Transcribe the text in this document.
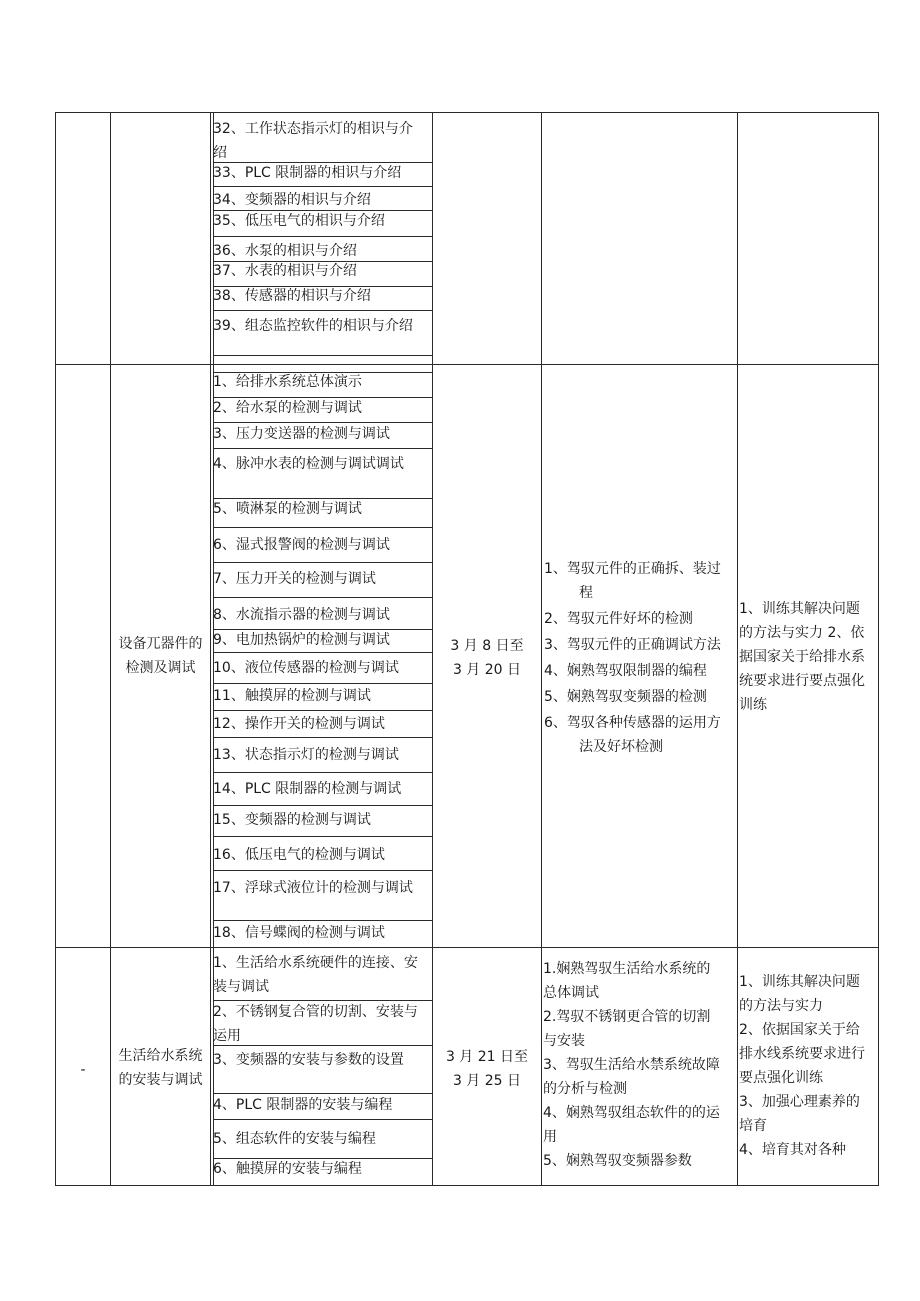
32、工作状态指示灯的相识与介
绍
33、PLC 限制器的相识与介绍
34、变频器的相识与介绍
35、低压电气的相识与介绍
36、水泵的相识与介绍
37、水表的相识与介绍
38、传感器的相识与介绍
39、组态监控软件的相识与介绍
设备兀器件的
检测及调试
3 月 8 日至
3 月 20 日
1、给排水系统总体演示
2、给水泵的检测与调试
3、压力变送器的检测与调试
4、脉冲水表的检测与调试调试
5、喷淋泵的检测与调试
6、湿式报警阀的检测与调试
7、压力开关的检测与调试
8、水流指示器的检测与调试
9、电加热锅炉的检测与调试
10、液位传感器的检测与调试
11、触摸屏的检测与调试
12、操作开关的检测与调试
13、状态指示灯的检测与调试
14、PLC 限制器的检测与调试
15、变频器的检测与调试
16、低压电气的检测与调试
17、浮球式液位计的检测与调试
18、信号蝶阀的检测与调试
1、驾驭元件的正确拆、装过
程
2、驾驭元件好坏的检测
3、驾驭元件的正确调试方法
4、娴熟驾驭限制器的编程
5、娴熟驾驭变频器的检测
6、驾驭各种传感器的运用方
法及好坏检测
1、训练其解决问题
的方法与实力 2、依
据国家关于给排水系
统要求进行要点强化
训练
-
生活给水系统
的安装与调试
3 月 21 日至
3 月 25 日
1、生活给水系统硬件的连接、安
装与调试
2、不锈钢复合管的切割、安装与
运用
3、变频器的安装与参数的设置
4、PLC 限制器的安装与编程
5、组态软件的安装与编程
6、触摸屏的安装与编程
1.娴熟驾驭生活给水系统的
总体调试
2.驾驭不锈钢更合管的切割
与安装
3、驾驭生活给水禁系统故障
的分析与检测
4、娴熟驾驭组态软件的的运
用
5、娴熟驾驭变频器参数
1、训练其解决问题
的方法与实力
2、依据国家关于给
排水线系统要求进行
要点强化训练
3、加强心理素养的
培育
4、培育其对各种
